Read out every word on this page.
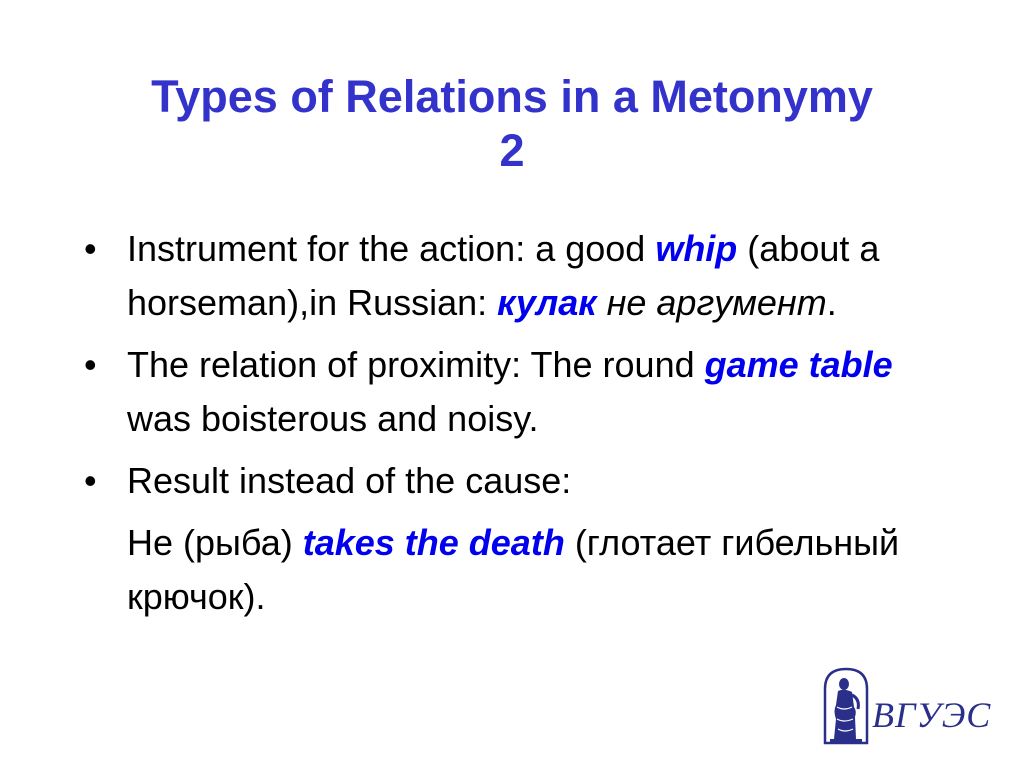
Types of Relations in a Metonymy
2
• Instrument for the action: a good whip (about a horseman),in Russian: кулак не аргумент.
• The relation of proximity: The round game table was boisterous and noisy.
• Result instead of the cause:
Не (рыба) takes the death (глотает гибельный крючок).
ВГУЭС
